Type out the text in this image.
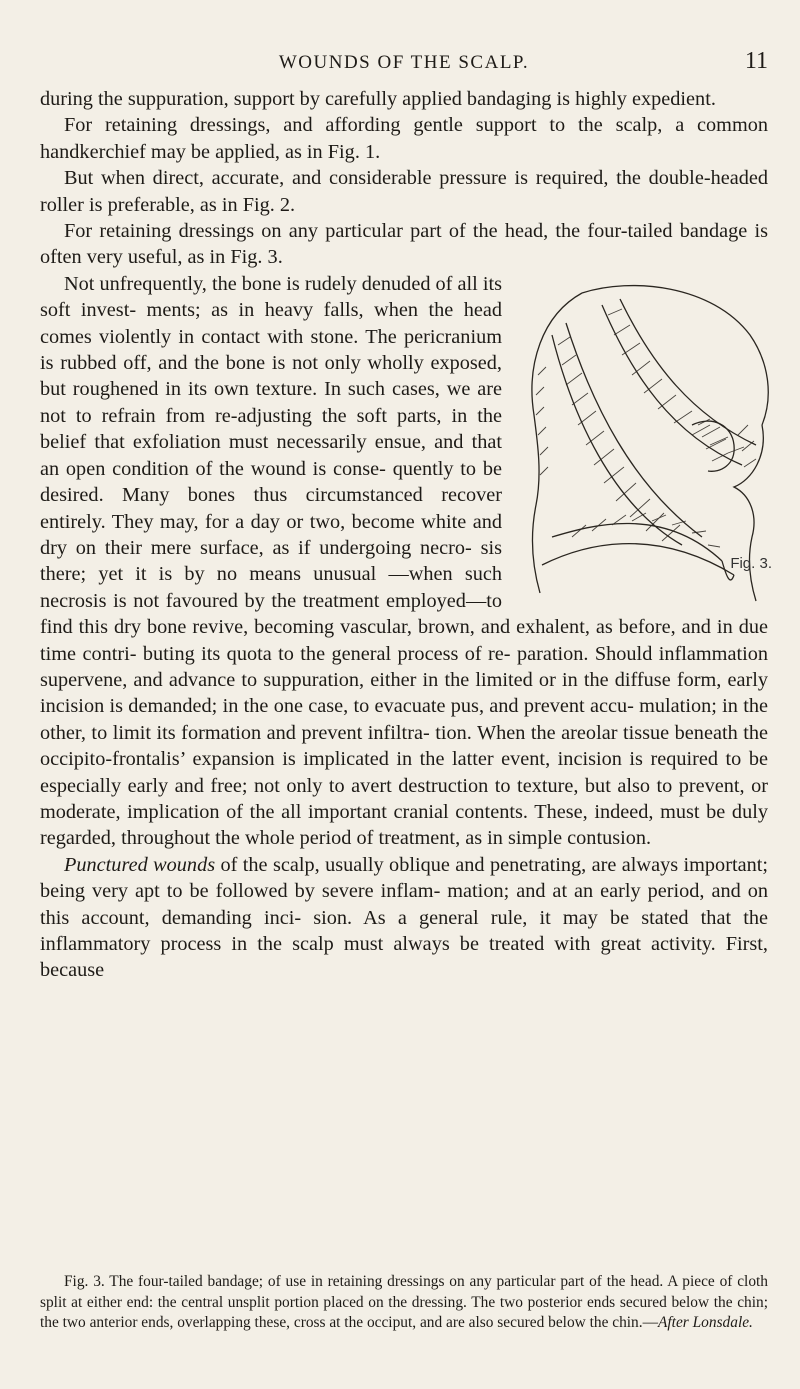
WOUNDS OF THE SCALP.	11

during the suppuration, support by carefully applied bandaging is highly expedient.

For retaining dressings, and affording gentle support to the scalp, a common handkerchief may be applied, as in Fig. 1.

But when direct, accurate, and considerable pressure is required, the double-headed roller is preferable, as in Fig. 2.

For retaining dressings on any particular part of the head, the four-tailed bandage is often very useful, as in Fig. 3.

Fig. 3.

Not unfrequently, the bone is rudely denuded of all its soft invest- ments; as in heavy falls, when the head comes violently in contact with stone. The pericranium is rubbed off, and the bone is not only wholly exposed, but roughened in its own texture. In such cases, we are not to refrain from re-adjusting the soft parts, in the belief that exfoliation must necessarily ensue, and that an open condition of the wound is conse- quently to be desired. Many bones thus circumstanced recover entirely. They may, for a day or two, become white and dry on their mere surface, as if undergoing necro- sis there; yet it is by no means unusual —when such necrosis is not favoured by the treatment employed—to find this dry bone revive, becoming vascular, brown, and exhalent, as before, and in due time contri- buting its quota to the general process of re- paration. Should inflammation supervene, and advance to suppuration, either in the limited or in the diffuse form, early incision is demanded; in the one case, to evacuate pus, and prevent accu- mulation; in the other, to limit its formation and prevent infiltra- tion. When the areolar tissue beneath the occipito-frontalis’ expansion is implicated in the latter event, incision is required to be especially early and free; not only to avert destruction to texture, but also to prevent, or moderate, implication of the all important cranial contents. These, indeed, must be duly regarded, throughout the whole period of treatment, as in simple contusion.

Punctured wounds of the scalp, usually oblique and penetrating, are always important; being very apt to be followed by severe inflam- mation; and at an early period, and on this account, demanding inci- sion. As a general rule, it may be stated that the inflammatory process in the scalp must always be treated with great activity. First, because

Fig. 3. The four-tailed bandage; of use in retaining dressings on any particular part of the head. A piece of cloth split at either end: the central unsplit portion placed on the dressing. The two posterior ends secured below the chin; the two anterior ends, overlapping these, cross at the occiput, and are also secured below the chin.—After Lonsdale.
